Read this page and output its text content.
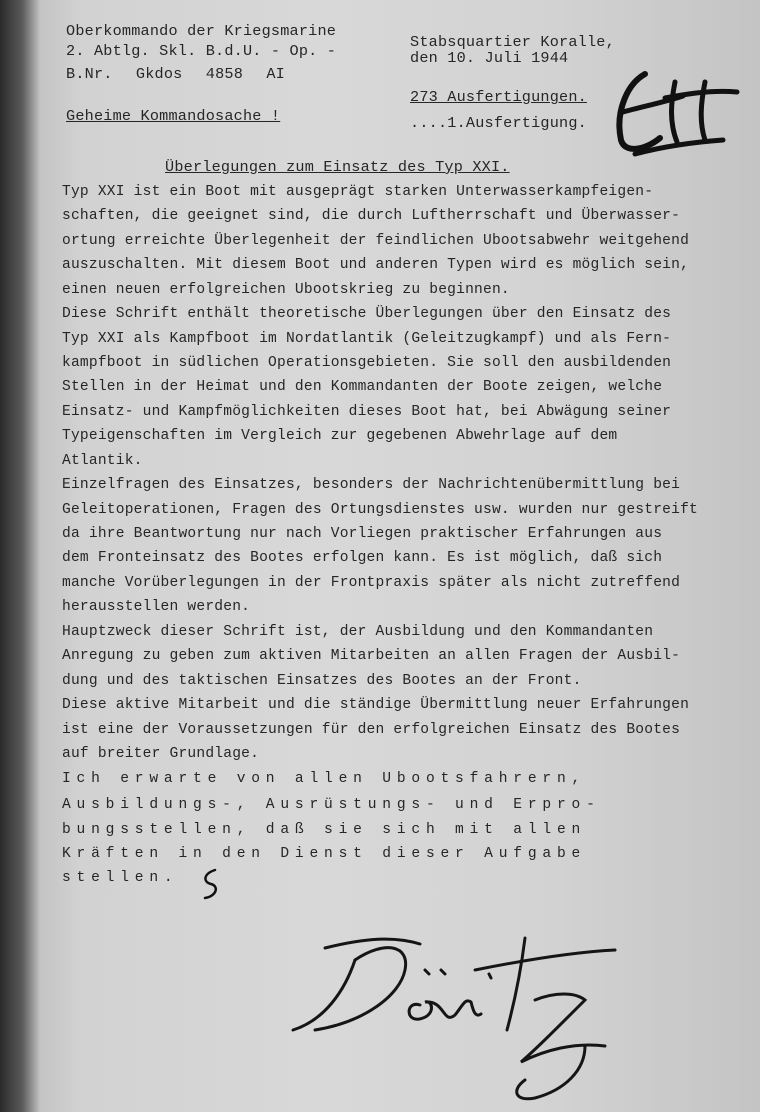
Oberkommando der Kriegsmarine
2. Abtlg. Skl. B.d.U. - Op. -
B.Nr. Gkdos 4858 AI
Geheime Kommandosache !
Stabsquartier Koralle,
den 10. Juli 1944
273 Ausfertigungen.
....1.Ausfertigung.
Überlegungen zum Einsatz des Typ XXI.
Typ XXI ist ein Boot mit ausgeprägt starken Unterwasserkampfeigen-
schaften, die geeignet sind, die durch Luftherrschaft und Überwasser-
ortung erreichte Überlegenheit der feindlichen Ubootsabwehr weitgehend
auszuschalten. Mit diesem Boot und anderen Typen wird es möglich sein,
einen neuen erfolgreichen Ubootskrieg zu beginnen.
Diese Schrift enthält theoretische Überlegungen über den Einsatz des
Typ XXI als Kampfboot im Nordatlantik (Geleitzugkampf) und als Fern-
kampfboot in südlichen Operationsgebieten. Sie soll den ausbildenden
Stellen in der Heimat und den Kommandanten der Boote zeigen, welche
Einsatz- und Kampfmöglichkeiten dieses Boot hat, bei Abwägung seiner
Typeigenschaften im Vergleich zur gegebenen Abwehrlage auf dem
Atlantik.
Einzelfragen des Einsatzes, besonders der Nachrichtenübermittlung bei
Geleitoperationen, Fragen des Ortungsdienstes usw. wurden nur gestreift
da ihre Beantwortung nur nach Vorliegen praktischer Erfahrungen aus
dem Fronteinsatz des Bootes erfolgen kann. Es ist möglich, daß sich
manche Vorüberlegungen in der Frontpraxis später als nicht zutreffend
herausstellen werden.
Hauptzweck dieser Schrift ist, der Ausbildung und den Kommandanten
Anregung zu geben zum aktiven Mitarbeiten an allen Fragen der Ausbil-
dung und des taktischen Einsatzes des Bootes an der Front.
Diese aktive Mitarbeit und die ständige Übermittlung neuer Erfahrungen
ist eine der Voraussetzungen für den erfolgreichen Einsatz des Bootes
auf breiter Grundlage.
Ich erwarte von allen Ubootsfahrern,
Ausbildungs-, Ausrüstungs- und Erpro-
bungsstellen, daß sie sich mit allen
Kräften in den Dienst dieser Aufgabe
stellen.
